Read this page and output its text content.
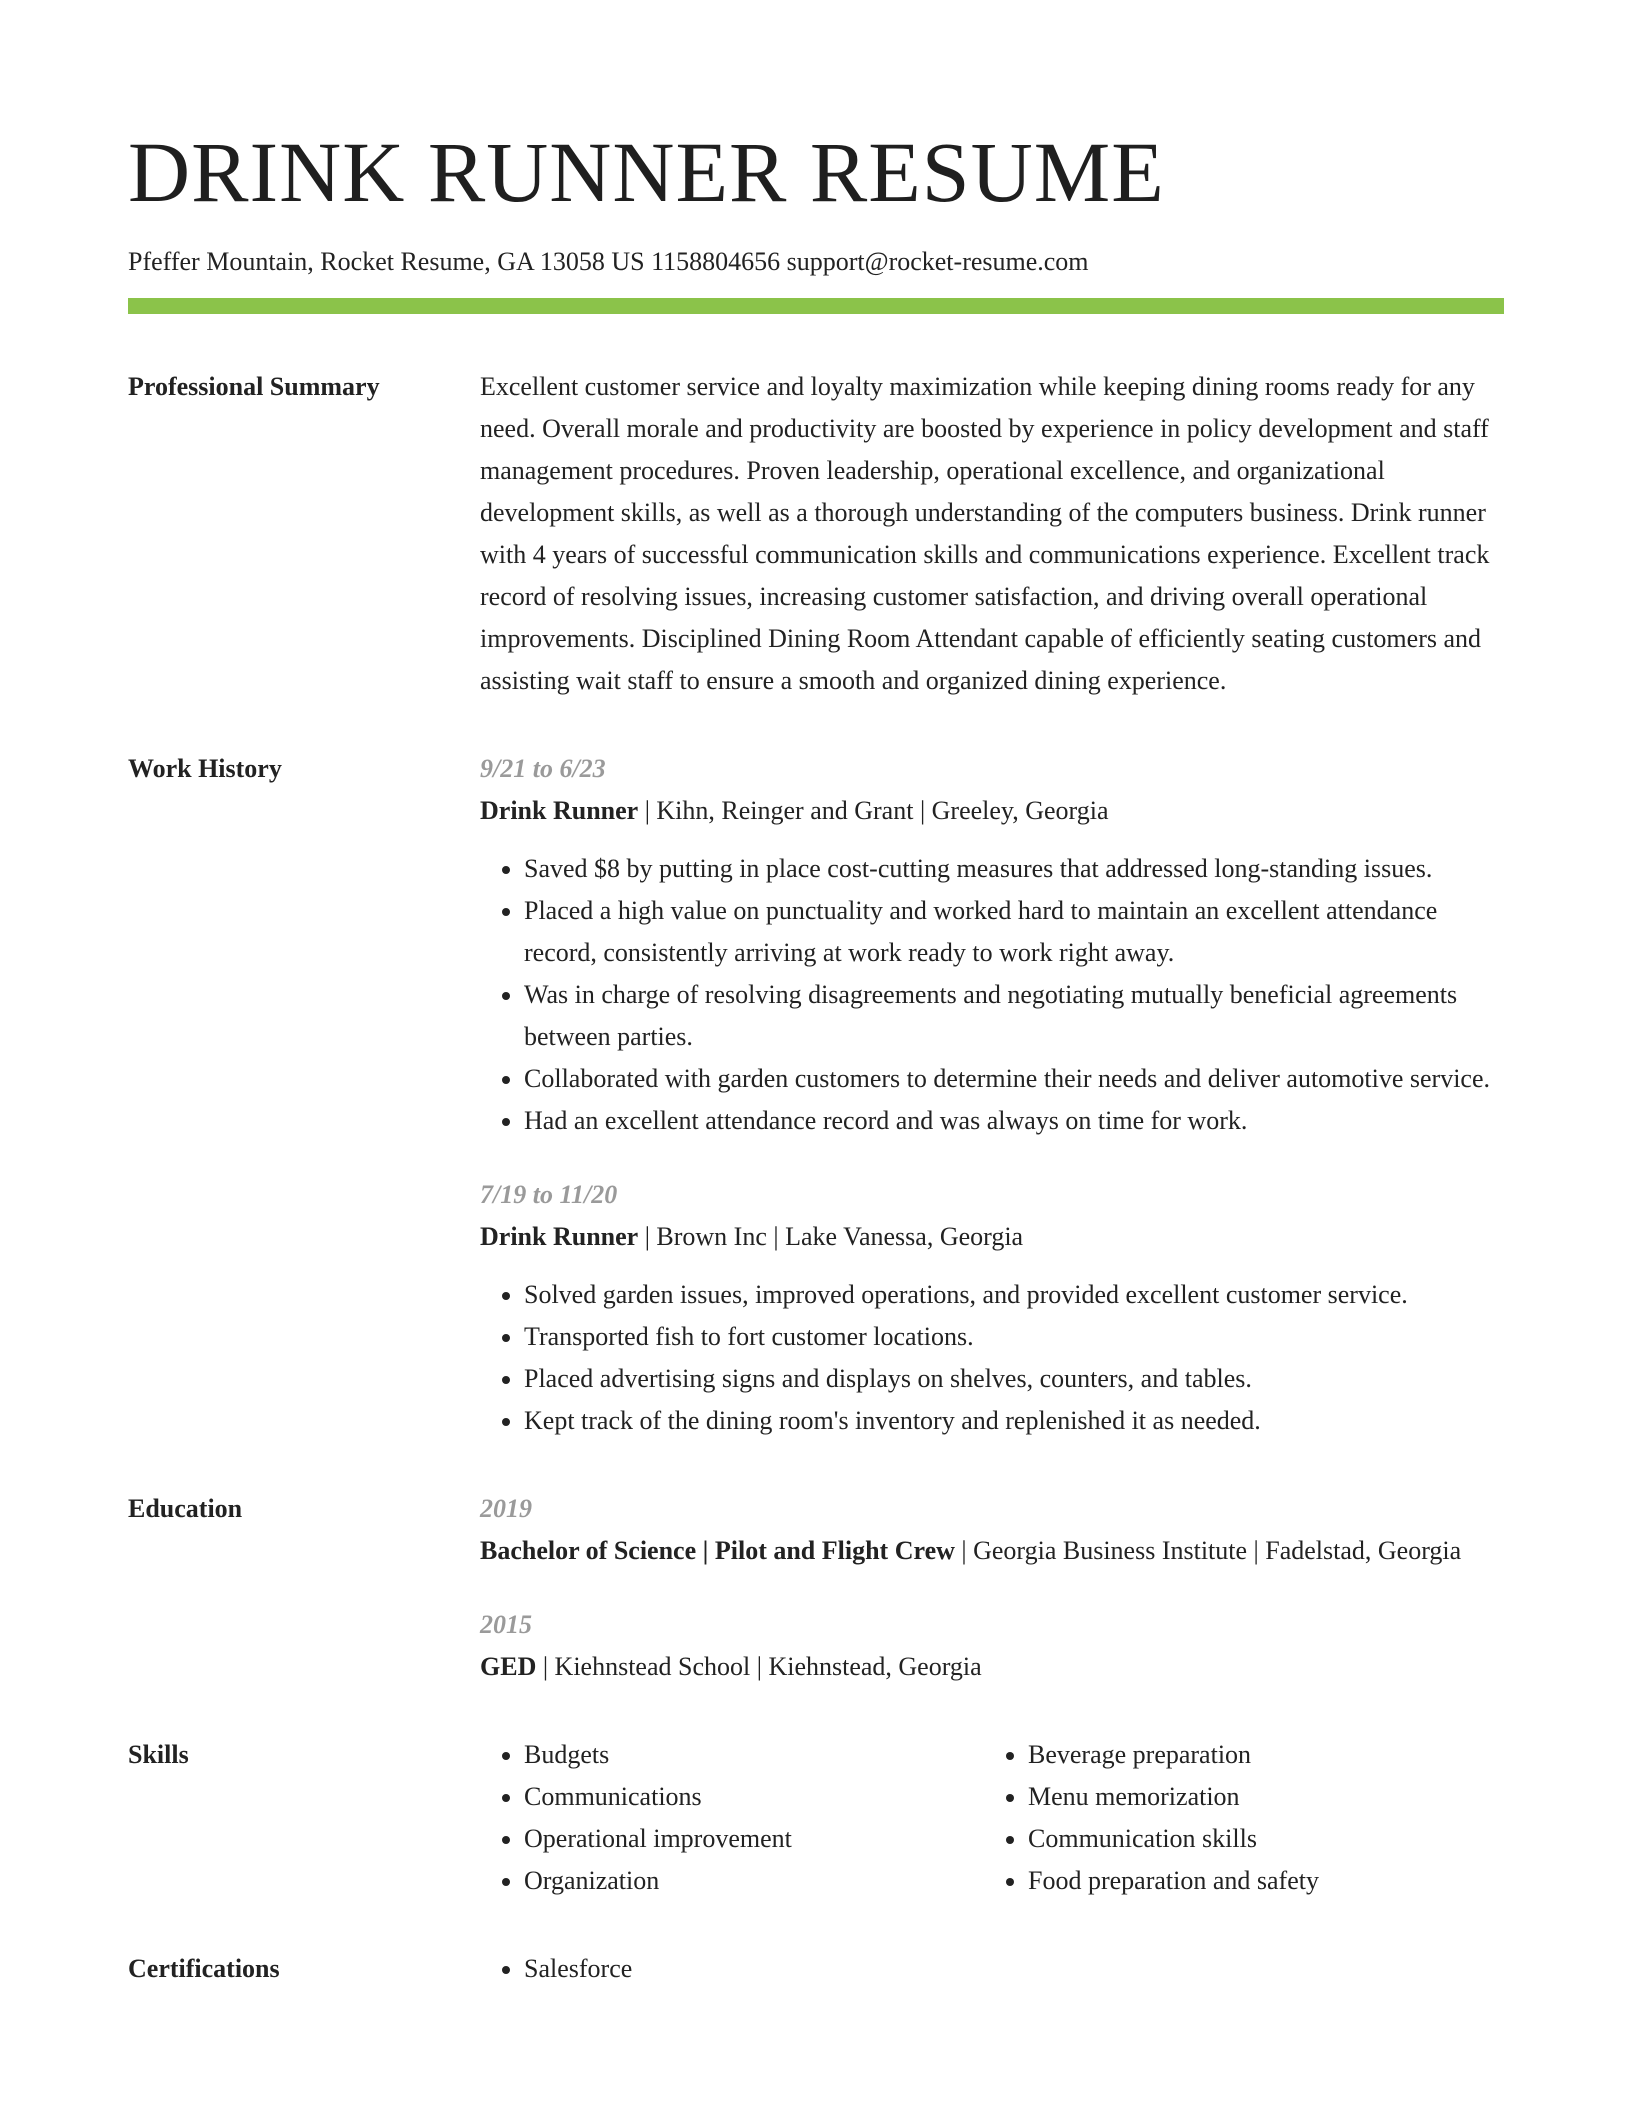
DRINK RUNNER RESUME
Pfeffer Mountain, Rocket Resume, GA 13058 US 1158804656 support@rocket-resume.com
Professional Summary	Excellent customer service and loyalty maximization while keeping dining rooms ready for any need. Overall morale and productivity are boosted by experience in policy development and staff management procedures. Proven leadership, operational excellence, and organizational development skills, as well as a thorough understanding of the computers business. Drink runner with 4 years of successful communication skills and communications experience. Excellent track record of resolving issues, increasing customer satisfaction, and driving overall operational improvements. Disciplined Dining Room Attendant capable of efficiently seating customers and assisting wait staff to ensure a smooth and organized dining experience.

Work History	9/21 to 6/23
Drink Runner | Kihn, Reinger and Grant | Greeley, Georgia
• Saved $8 by putting in place cost-cutting measures that addressed long-standing issues.
• Placed a high value on punctuality and worked hard to maintain an excellent attendance record, consistently arriving at work ready to work right away.
• Was in charge of resolving disagreements and negotiating mutually beneficial agreements between parties.
• Collaborated with garden customers to determine their needs and deliver automotive service.
• Had an excellent attendance record and was always on time for work.
7/19 to 11/20
Drink Runner | Brown Inc | Lake Vanessa, Georgia
• Solved garden issues, improved operations, and provided excellent customer service.
• Transported fish to fort customer locations.
• Placed advertising signs and displays on shelves, counters, and tables.
• Kept track of the dining room's inventory and replenished it as needed.
Education	2019
Bachelor of Science | Pilot and Flight Crew | Georgia Business Institute | Fadelstad, Georgia
2015
GED | Kiehnstead School | Kiehnstead, Georgia
Skills	• Budgets
• Communications
• Operational improvement
• Organization
• Beverage preparation
• Menu memorization
• Communication skills
• Food preparation and safety
Certifications	• Salesforce
